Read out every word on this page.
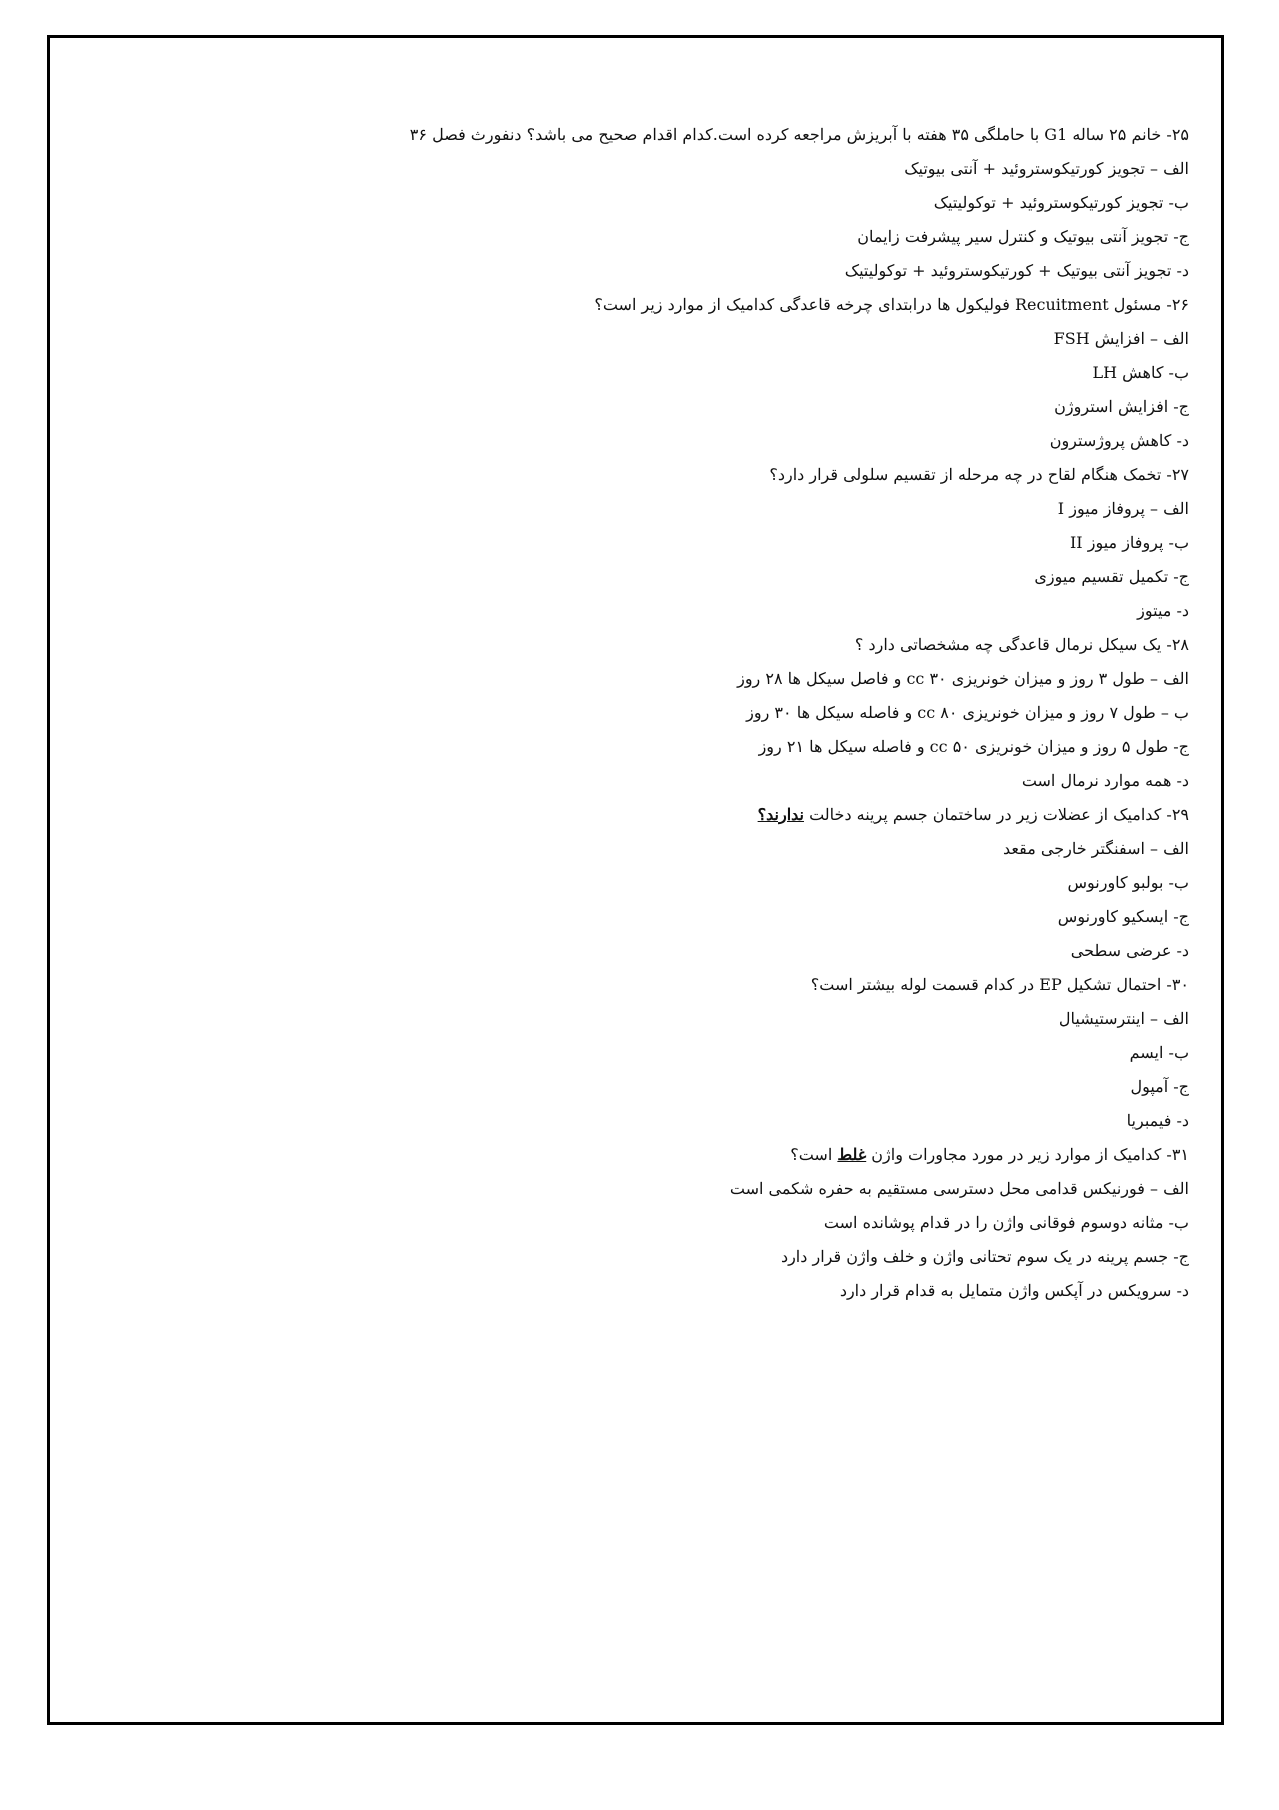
۲۵- خانم ۲۵ ساله G1 با حاملگی ۳۵ هفته با آبریزش مراجعه کرده است.کدام اقدام صحیح می باشد؟ دنفورث فصل ۳۶
الف – تجویز کورتیکوستروئید + آنتی بیوتیک
ب- تجویز کورتیکوستروئید + توکولیتیک
ج- تجویز آنتی بیوتیک و کنترل سیر پیشرفت زایمان
د- تجویز آنتی بیوتیک + کورتیکوستروئید + توکولیتیک
۲۶- مسئول Recuitment فولیکول ها درابتدای چرخه قاعدگی کدامیک از موارد زیر است؟
الف – افزایش FSH
ب- کاهش LH
ج- افزایش استروژن
د- کاهش پروژسترون
۲۷- تخمک هنگام لقاح در چه مرحله از تقسیم سلولی قرار دارد؟
الف – پروفاز میوز I
ب- پروفاز میوز II
ج- تکمیل تقسیم میوزی
د- میتوز
۲۸- یک سیکل نرمال قاعدگی چه مشخصاتی دارد ؟
الف – طول ۳ روز و میزان خونریزی ۳۰ cc و فاصل سیکل ها ۲۸ روز
ب – طول ۷ روز و میزان خونریزی ۸۰ cc و فاصله سیکل ها ۳۰ روز
ج- طول ۵ روز و میزان خونریزی ۵۰ cc و فاصله سیکل ها ۲۱ روز
د- همه موارد نرمال است
۲۹- کدامیک از عضلات زیر در ساختمان جسم پرینه دخالت ندارند؟
الف – اسفنگتر خارجی مقعد
ب- بولبو کاورنوس
ج- ایسکیو کاورنوس
د- عرضی سطحی
۳۰- احتمال تشکیل EP در کدام قسمت لوله بیشتر است؟
الف – اینترستیشیال
ب- ایسم
ج- آمپول
د- فیمبریا
۳۱- کدامیک از موارد زیر در مورد مجاورات واژن غلط است؟
الف – فورنیکس قدامی محل دسترسی مستقیم به حفره شکمی است
ب- مثانه دوسوم فوقانی واژن را در قدام پوشانده است
ج- جسم پرینه در یک سوم تحتانی واژن و خلف واژن قرار دارد
د- سرویکس در آپکس واژن متمایل به قدام قرار دارد
